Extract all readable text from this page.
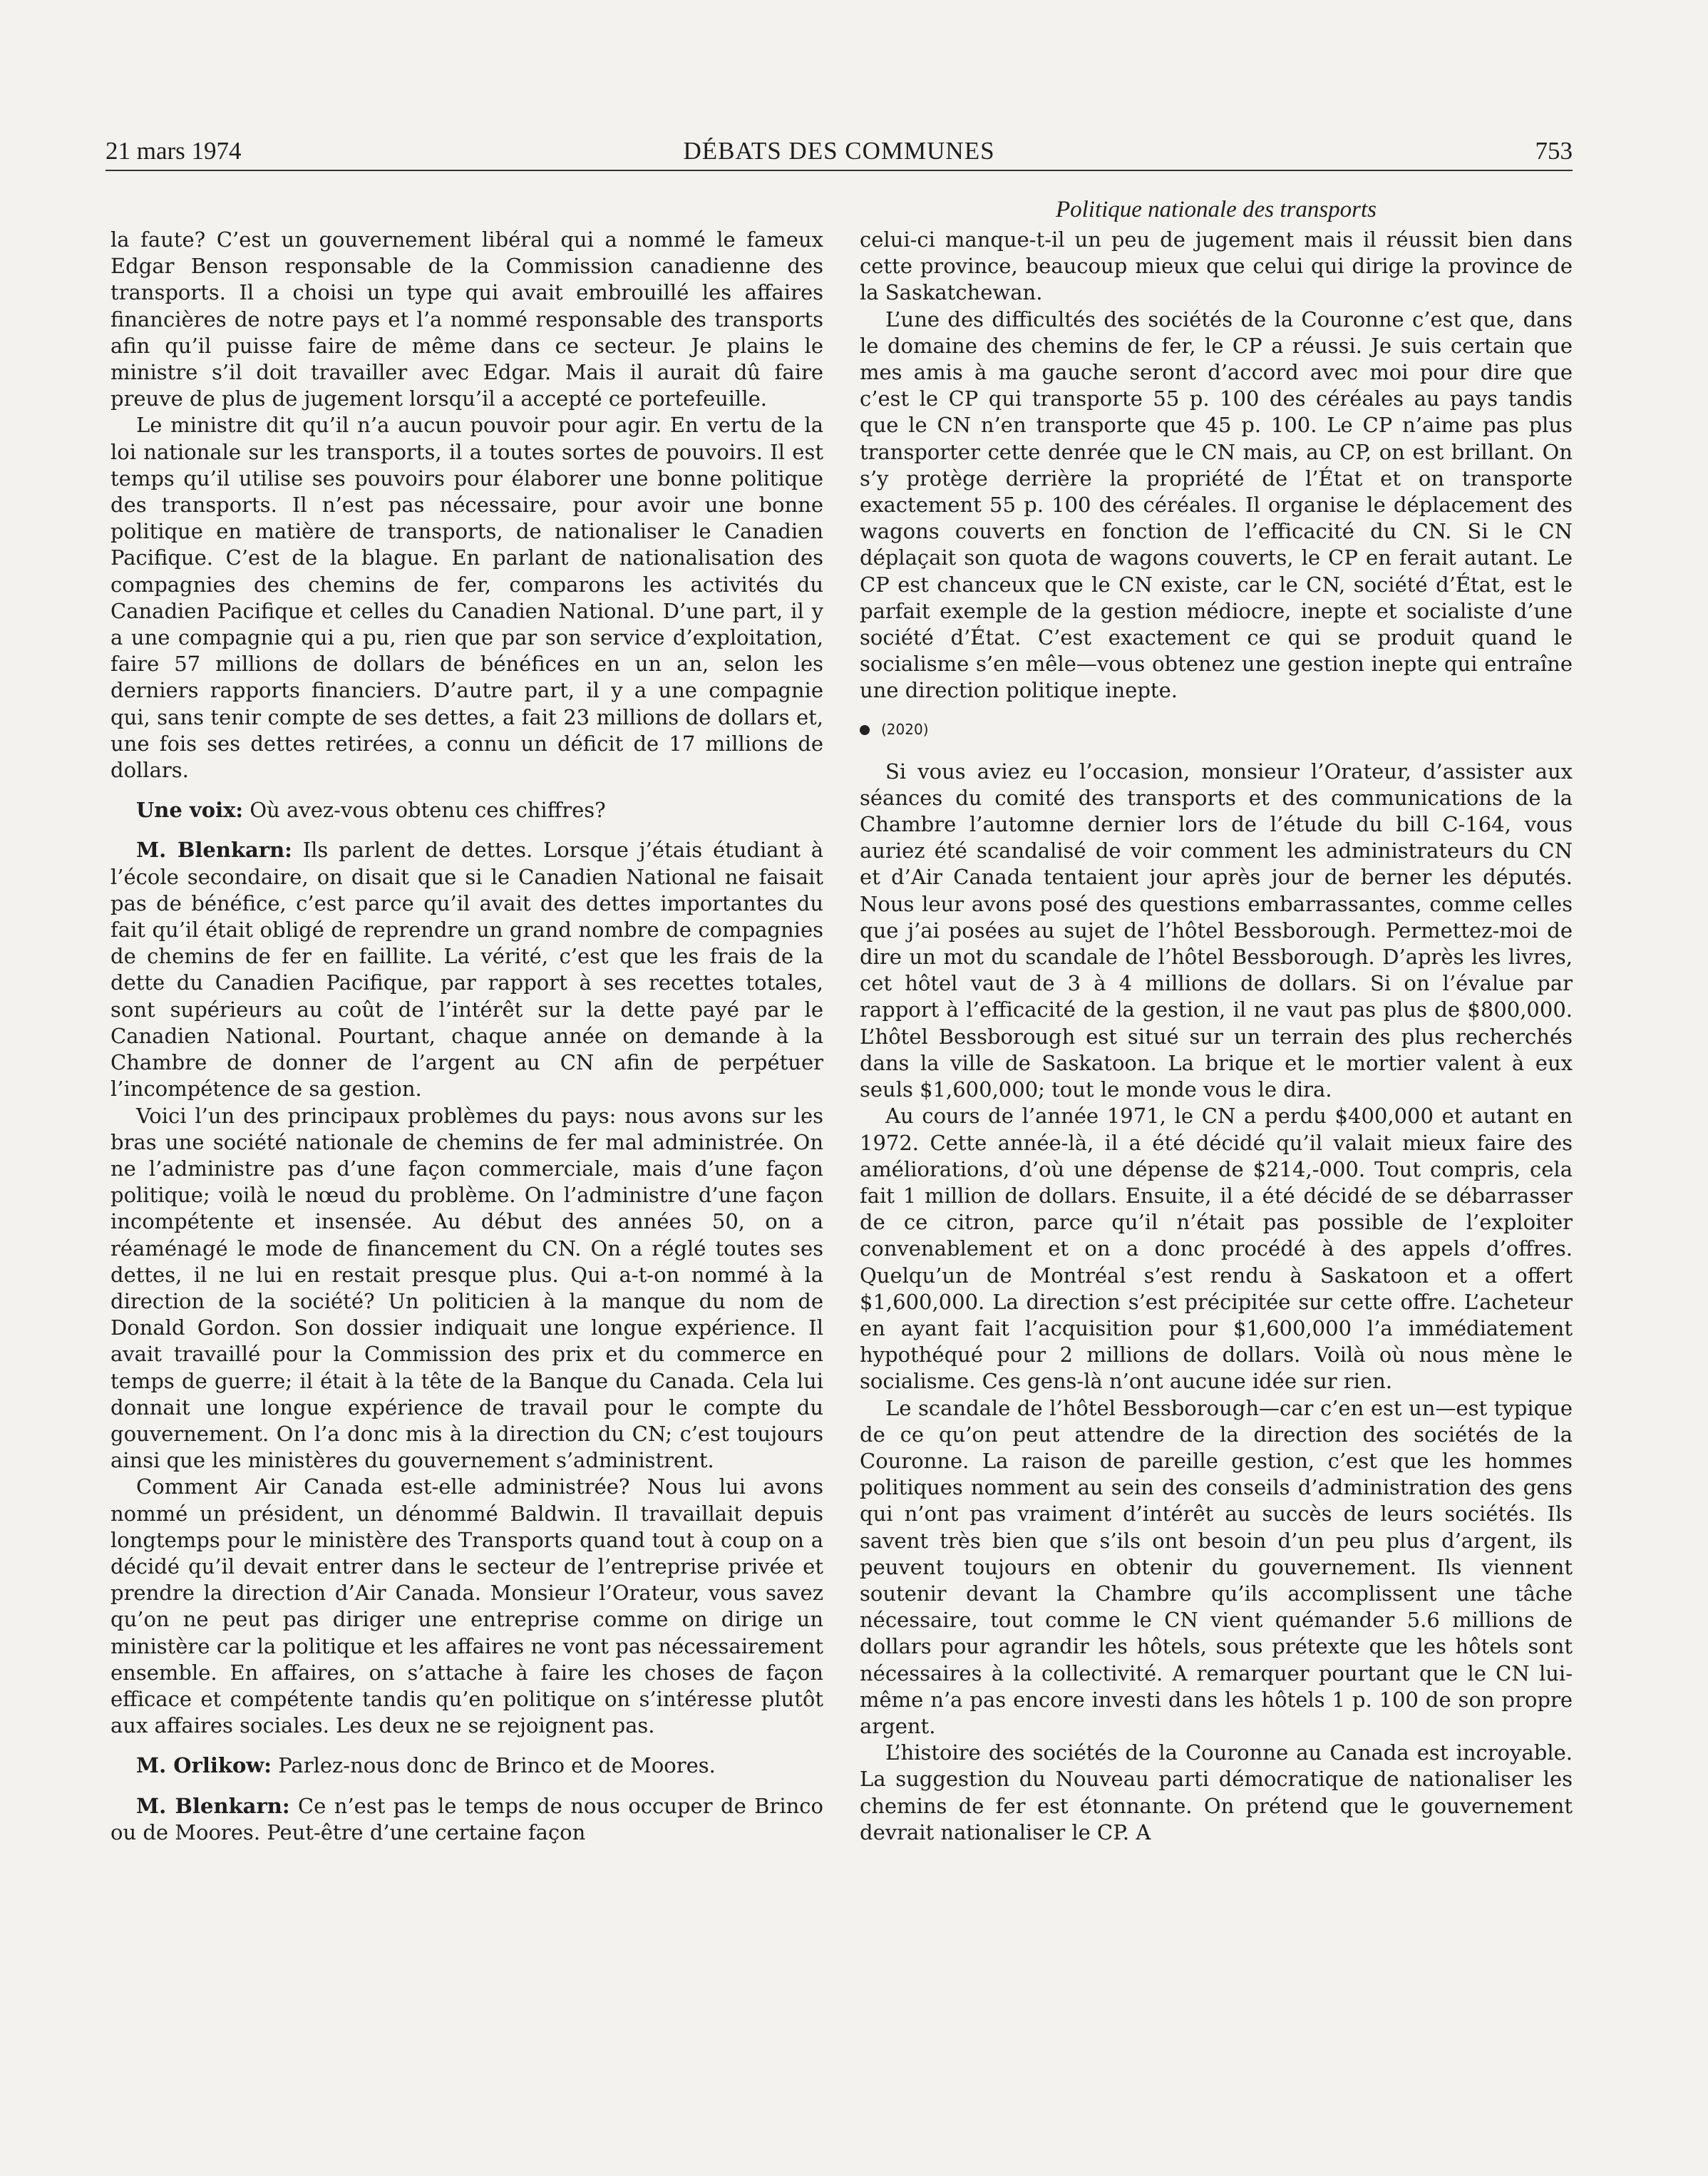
21 mars 1974	DÉBATS DES COMMUNES	753
Politique nationale des transports

la faute? C’est un gouvernement libéral qui a nommé le fameux Edgar Benson responsable de la Commission canadienne des transports. Il a choisi un type qui avait embrouillé les affaires financières de notre pays et l’a nommé responsable des transports afin qu’il puisse faire de même dans ce secteur. Je plains le ministre s’il doit travailler avec Edgar. Mais il aurait dû faire preuve de plus de jugement lorsqu’il a accepté ce portefeuille.

Le ministre dit qu’il n’a aucun pouvoir pour agir. En vertu de la loi nationale sur les transports, il a toutes sortes de pouvoirs. Il est temps qu’il utilise ses pouvoirs pour élaborer une bonne politique des transports. Il n’est pas nécessaire, pour avoir une bonne politique en matière de transports, de nationaliser le Canadien Pacifique. C’est de la blague. En parlant de nationalisation des compagnies des chemins de fer, comparons les activités du Canadien Pacifique et celles du Canadien National. D’une part, il y a une compagnie qui a pu, rien que par son service d’exploitation, faire 57 millions de dollars de bénéfices en un an, selon les derniers rapports financiers. D’autre part, il y a une compagnie qui, sans tenir compte de ses dettes, a fait 23 millions de dollars et, une fois ses dettes retirées, a connu un déficit de 17 millions de dollars.

Une voix: Où avez-vous obtenu ces chiffres?

M. Blenkarn: Ils parlent de dettes. Lorsque j’étais étudiant à l’école secondaire, on disait que si le Canadien National ne faisait pas de bénéfice, c’est parce qu’il avait des dettes importantes du fait qu’il était obligé de reprendre un grand nombre de compagnies de chemins de fer en faillite. La vérité, c’est que les frais de la dette du Canadien Pacifique, par rapport à ses recettes totales, sont supérieurs au coût de l’intérêt sur la dette payé par le Canadien National. Pourtant, chaque année on demande à la Chambre de donner de l’argent au CN afin de perpétuer l’incompétence de sa gestion.

Voici l’un des principaux problèmes du pays: nous avons sur les bras une société nationale de chemins de fer mal administrée. On ne l’administre pas d’une façon commerciale, mais d’une façon politique; voilà le nœud du problème. On l’administre d’une façon incompétente et insensée. Au début des années 50, on a réaménagé le mode de financement du CN. On a réglé toutes ses dettes, il ne lui en restait presque plus. Qui a-t-on nommé à la direction de la société? Un politicien à la manque du nom de Donald Gordon. Son dossier indiquait une longue expérience. Il avait travaillé pour la Commission des prix et du commerce en temps de guerre; il était à la tête de la Banque du Canada. Cela lui donnait une longue expérience de travail pour le compte du gouvernement. On l’a donc mis à la direction du CN; c’est toujours ainsi que les ministères du gouvernement s’administrent.

Comment Air Canada est-elle administrée? Nous lui avons nommé un président, un dénommé Baldwin. Il travaillait depuis longtemps pour le ministère des Transports quand tout à coup on a décidé qu’il devait entrer dans le secteur de l’entreprise privée et prendre la direction d’Air Canada. Monsieur l’Orateur, vous savez qu’on ne peut pas diriger une entreprise comme on dirige un ministère car la politique et les affaires ne vont pas nécessairement ensemble. En affaires, on s’attache à faire les choses de façon efficace et compétente tandis qu’en politique on s’intéresse plutôt aux affaires sociales. Les deux ne se rejoignent pas.

M. Orlikow: Parlez-nous donc de Brinco et de Moores.

M. Blenkarn: Ce n’est pas le temps de nous occuper de Brinco ou de Moores. Peut-être d’une certaine façon

celui-ci manque-t-il un peu de jugement mais il réussit bien dans cette province, beaucoup mieux que celui qui dirige la province de la Saskatchewan.

L’une des difficultés des sociétés de la Couronne c’est que, dans le domaine des chemins de fer, le CP a réussi. Je suis certain que mes amis à ma gauche seront d’accord avec moi pour dire que c’est le CP qui transporte 55 p. 100 des céréales au pays tandis que le CN n’en transporte que 45 p. 100. Le CP n’aime pas plus transporter cette denrée que le CN mais, au CP, on est brillant. On s’y protège derrière la propriété de l’État et on transporte exactement 55 p. 100 des céréales. Il organise le déplacement des wagons couverts en fonction de l’efficacité du CN. Si le CN déplaçait son quota de wagons couverts, le CP en ferait autant. Le CP est chanceux que le CN existe, car le CN, société d’État, est le parfait exemple de la gestion médiocre, inepte et socialiste d’une société d’État. C’est exactement ce qui se produit quand le socialisme s’en mêle—vous obtenez une gestion inepte qui entraîne une direction politique inepte.

(2020)

Si vous aviez eu l’occasion, monsieur l’Orateur, d’assister aux séances du comité des transports et des communications de la Chambre l’automne dernier lors de l’étude du bill C-164, vous auriez été scandalisé de voir comment les administrateurs du CN et d’Air Canada tentaient jour après jour de berner les députés. Nous leur avons posé des questions embarrassantes, comme celles que j’ai posées au sujet de l’hôtel Bessborough. Permettez-moi de dire un mot du scandale de l’hôtel Bessborough. D’après les livres, cet hôtel vaut de 3 à 4 millions de dollars. Si on l’évalue par rapport à l’efficacité de la gestion, il ne vaut pas plus de $800,000. L’hôtel Bessborough est situé sur un terrain des plus recherchés dans la ville de Saskatoon. La brique et le mortier valent à eux seuls $1,600,000; tout le monde vous le dira.

Au cours de l’année 1971, le CN a perdu $400,000 et autant en 1972. Cette année-là, il a été décidé qu’il valait mieux faire des améliorations, d’où une dépense de $214,-000. Tout compris, cela fait 1 million de dollars. Ensuite, il a été décidé de se débarrasser de ce citron, parce qu’il n’était pas possible de l’exploiter convenablement et on a donc procédé à des appels d’offres. Quelqu’un de Montréal s’est rendu à Saskatoon et a offert $1,600,000. La direction s’est précipitée sur cette offre. L’acheteur en ayant fait l’acquisition pour $1,600,000 l’a immédiatement hypothéqué pour 2 millions de dollars. Voilà où nous mène le socialisme. Ces gens-là n’ont aucune idée sur rien.

Le scandale de l’hôtel Bessborough—car c’en est un—est typique de ce qu’on peut attendre de la direction des sociétés de la Couronne. La raison de pareille gestion, c’est que les hommes politiques nomment au sein des conseils d’administration des gens qui n’ont pas vraiment d’intérêt au succès de leurs sociétés. Ils savent très bien que s’ils ont besoin d’un peu plus d’argent, ils peuvent toujours en obtenir du gouvernement. Ils viennent soutenir devant la Chambre qu’ils accomplissent une tâche nécessaire, tout comme le CN vient quémander 5.6 millions de dollars pour agrandir les hôtels, sous prétexte que les hôtels sont nécessaires à la collectivité. A remarquer pourtant que le CN lui-même n’a pas encore investi dans les hôtels 1 p. 100 de son propre argent.

L’histoire des sociétés de la Couronne au Canada est incroyable. La suggestion du Nouveau parti démocratique de nationaliser les chemins de fer est étonnante. On prétend que le gouvernement devrait nationaliser le CP. A
